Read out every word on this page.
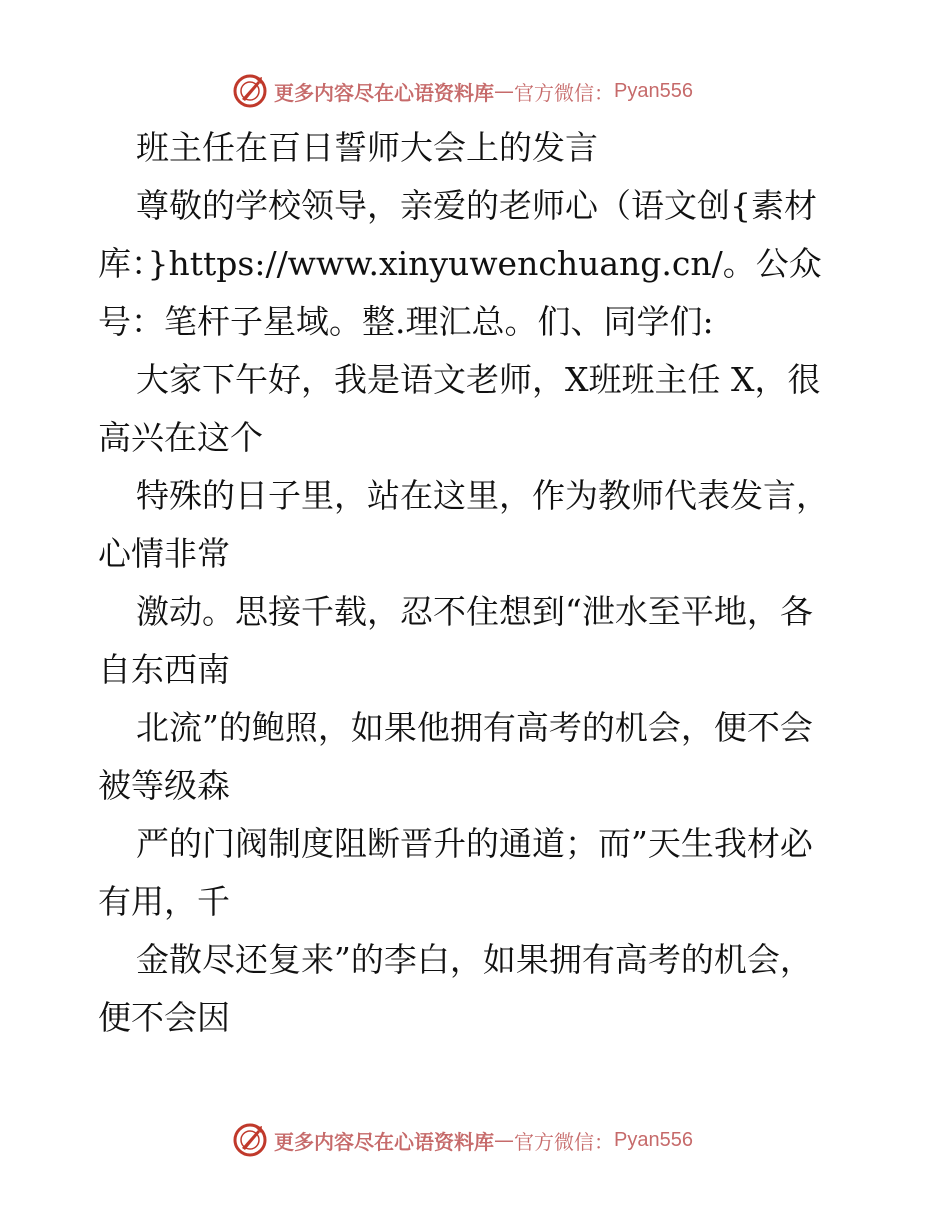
更多内容尽在心语资料库 — 官方微信： Pyan556
班主任在百日誓师大会上的发言
尊敬的学校领导，亲爱的老师心（语文创{素材
库：}https://www.xinyuwenchuang.cn/。公众
号：笔杆子星域。整.理汇总。们、同学们:
大家下午好，我是语文老师，X班班主任 X，很
高兴在这个
特殊的日子里，站在这里，作为教师代表发言，
心情非常
激动。思接千载，忍不住想到“泄水至平地，各
自东西南
北流”的鲍照，如果他拥有高考的机会，便不会
被等级森
严的门阀制度阻断晋升的通道；而”天生我材必
有用，千
金散尽还复来”的李白，如果拥有高考的机会，
便不会因
更多内容尽在心语资料库 — 官方微信： Pyan556
